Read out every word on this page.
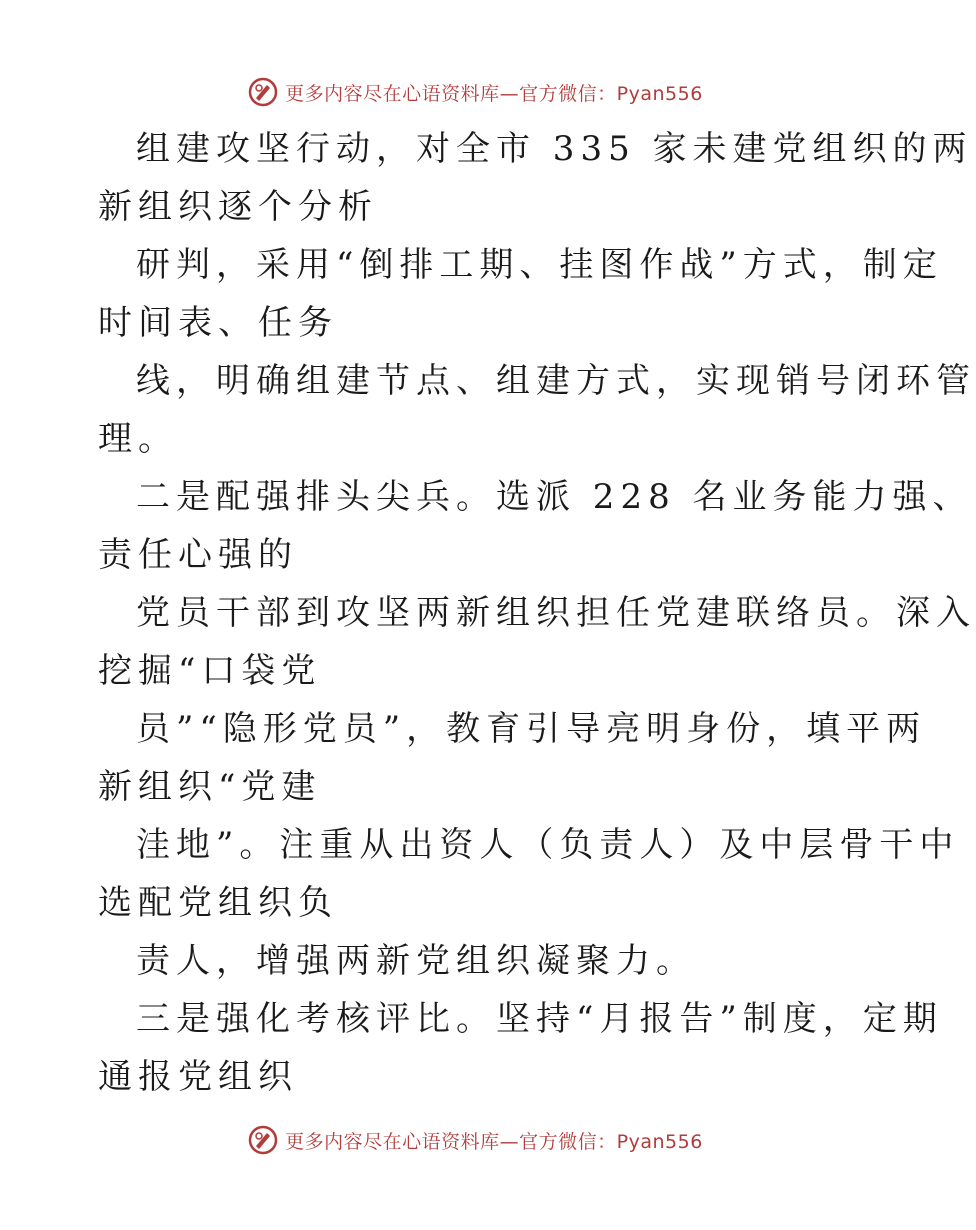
更多内容尽在心语资料库—官方微信：Pyan556
组建攻坚行动，对全市 335 家未建党组织的两
新组织逐个分析
研判，采用“倒排工期、挂图作战”方式，制定
时间表、任务
线，明确组建节点、组建方式，实现销号闭环管
理。
二是配强排头尖兵。选派 228 名业务能力强、
责任心强的
党员干部到攻坚两新组织担任党建联络员。深入
挖掘“口袋党
员”“隐形党员”，教育引导亮明身份，填平两
新组织“党建
洼地”。注重从出资人（负责人）及中层骨干中
选配党组织负
责人，增强两新党组织凝聚力。
三是强化考核评比。坚持“月报告”制度，定期
通报党组织
更多内容尽在心语资料库—官方微信：Pyan556
